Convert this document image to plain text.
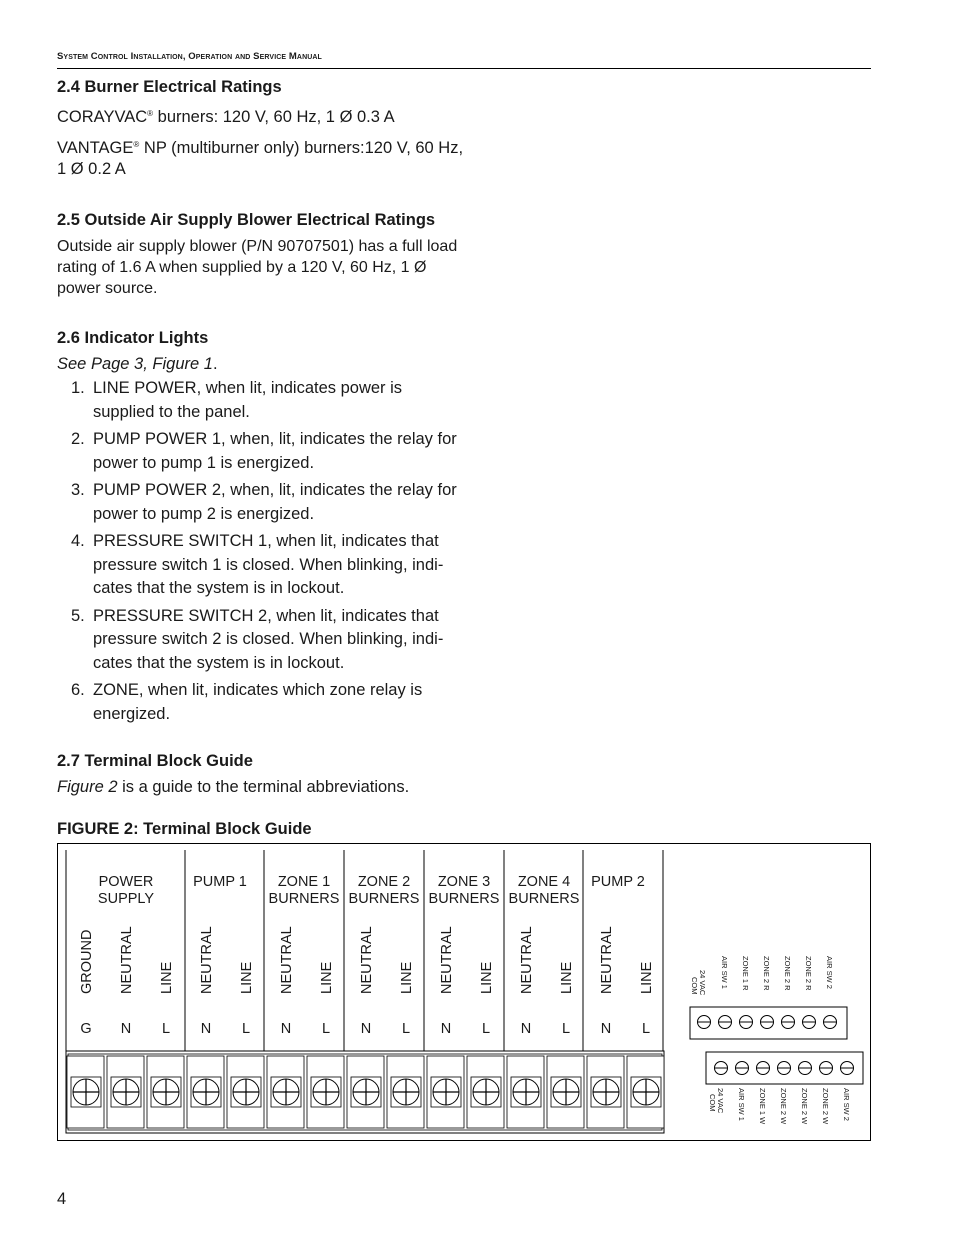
System Control Installation, Operation and Service Manual
2.4 Burner Electrical Ratings
CORAYVAC® burners: 120 V, 60 Hz, 1 Ø 0.3 A
VANTAGE® NP (multiburner only) burners:120 V, 60 Hz, 1 Ø 0.2 A
2.5 Outside Air Supply Blower Electrical Ratings
Outside air supply blower (P/N 90707501) has a full load rating of 1.6 A when supplied by a 120 V, 60 Hz, 1 Ø power source.
2.6 Indicator Lights
See Page 3, Figure 1.
1. LINE POWER, when lit, indicates power is supplied to the panel.
2. PUMP POWER 1, when, lit, indicates the relay for power to pump 1 is energized.
3. PUMP POWER 2, when, lit, indicates the relay for power to pump 2 is energized.
4. PRESSURE SWITCH 1, when lit, indicates that pressure switch 1 is closed. When blinking, indi-cates that the system is in lockout.
5. PRESSURE SWITCH 2, when lit, indicates that pressure switch 2 is closed. When blinking, indi-cates that the system is in lockout.
6. ZONE, when lit, indicates which zone relay is energized.
2.7 Terminal Block Guide
Figure 2 is a guide to the terminal abbreviations.
FIGURE 2: Terminal Block Guide
POWER
SUPPLY
PUMP 1 ZONE 1
BURNERS
ZONE 2
BURNERS
ZONE 3
BURNERS
ZONE 4
BURNERS
PUMP 2
GROUND
G
NEUTRAL
N
LINE
L
NEUTRAL
N
LINE
L
NEUTRAL
N
LINE
L
NEUTRAL
N
LINE
L
NEUTRAL
N
LINE
L
NEUTRAL
N
LINE
L
NEUTRAL
N
LINE
L
24 VAC
COM	AIR SW 1 ZONE 1 R ZONE 2 R ZONE 2 R ZONE 2 R AIR SW 2
24 VAC
COM	AIR SW 1 ZONE 1 W ZONE 2 W ZONE 2 W ZONE 2 W AIR SW 2
4
